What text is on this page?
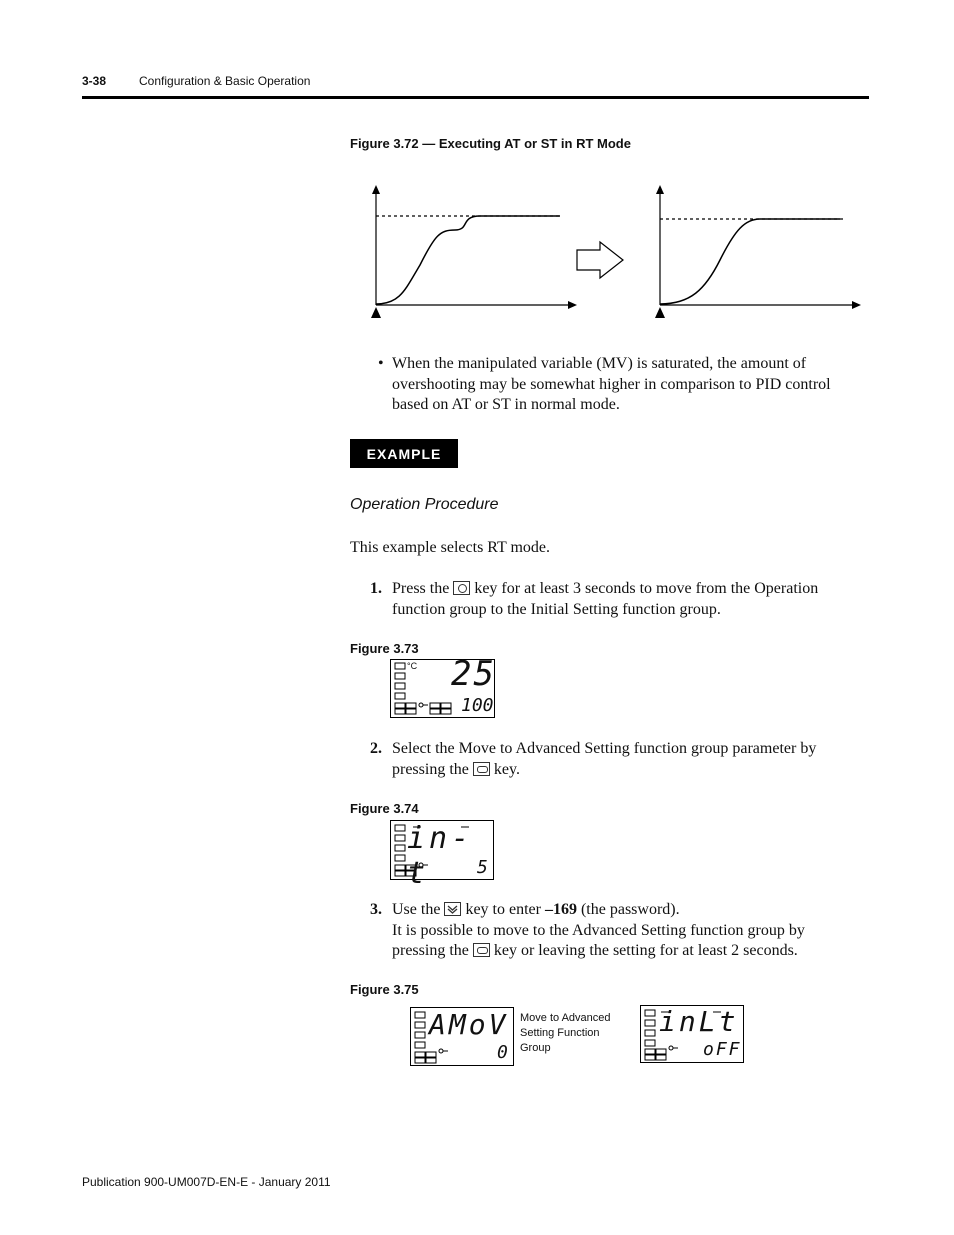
3-38	Configuration & Basic Operation
Figure 3.72 — Executing AT or ST in RT Mode
• When the manipulated variable (MV) is saturated, the amount of overshooting may be somewhat higher in comparison to PID control based on AT or ST in normal mode.
EXAMPLE
Operation Procedure
This example selects RT mode.
1. Press the key for at least 3 seconds to move from the Operation function group to the Initial Setting function group.
Figure 3.73
°C 25
100
2. Select the Move to Advanced Setting function group parameter by pressing the key.
Figure 3.74
in-t	5
3. Use the key to enter –169 (the password).
It is possible to move to the Advanced Setting function group by pressing the key or leaving the setting for at least 2 seconds.
Figure 3.75
AMoV
0
Move to Advanced Setting Function Group
inLt
oFF
Publication 900-UM007D-EN-E - January 2011
